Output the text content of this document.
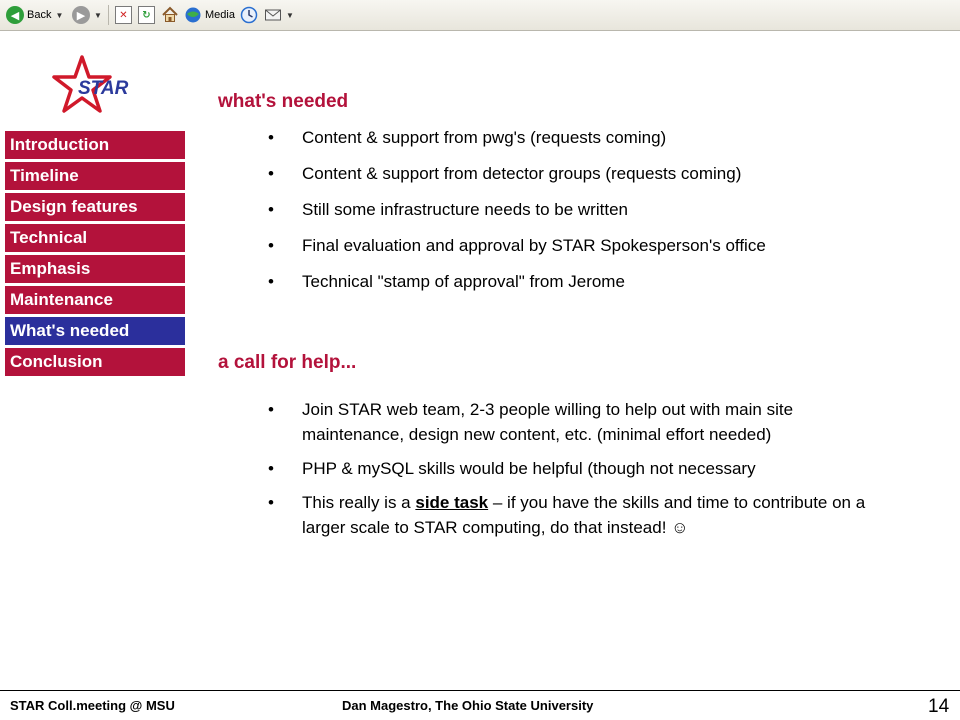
◀ Back ▼	▶	▼	✕	↻	Media	▼
STAR
Introduction
Timeline
Design features
Technical
Emphasis
Maintenance
What's needed
Conclusion
what's needed
• Content & support from pwg's (requests coming)
• Content & support from detector groups (requests coming)
• Still some infrastructure needs to be written
• Final evaluation and approval by STAR Spokesperson's office
• Technical "stamp of approval" from Jerome
a call for help...
• Join STAR web team, 2-3 people willing to help out with main site maintenance, design new content, etc. (minimal effort needed)
• PHP & mySQL skills would be helpful (though not necessary
• This really is a side task – if you have the skills and time to contribute on a larger scale to STAR computing, do that instead! ☺
STAR Coll.meeting @ MSU	Dan Magestro, The Ohio State University	14
